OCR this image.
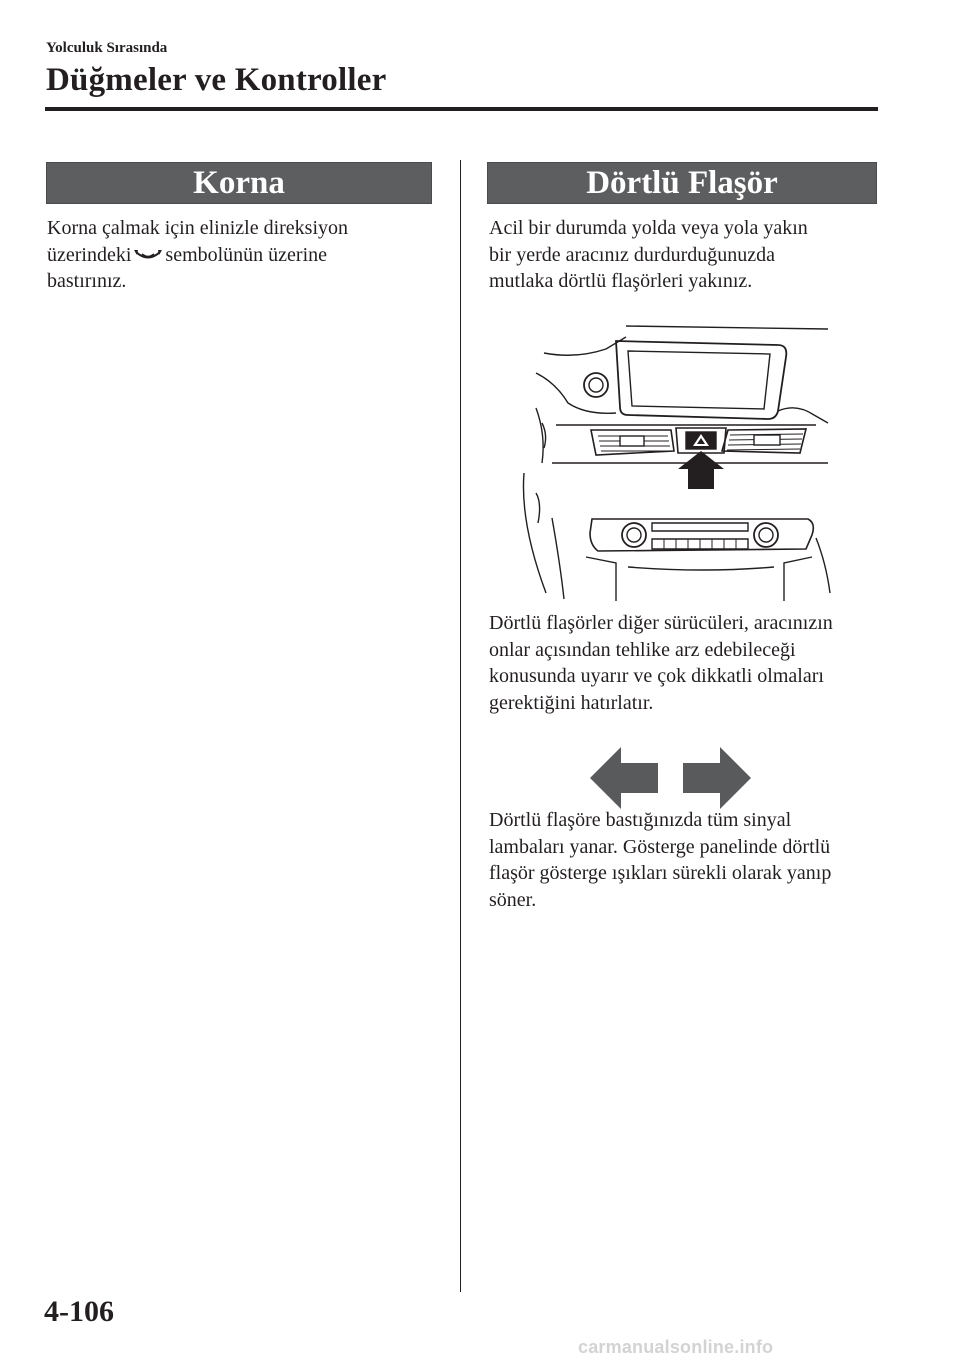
Yolculuk Sırasında
Düğmeler ve Kontroller
Korna
Korna çalmak için elinizle direksiyon
üzerindeki sembolünün üzerine
bastırınız.
Dörtlü Flaşör
Acil bir durumda yolda veya yola yakın
bir yerde aracınız durdurduğunuzda
mutlaka dörtlü flaşörleri yakınız.
Dörtlü flaşörler diğer sürücüleri, aracınızın
onlar açısından tehlike arz edebileceği
konusunda uyarır ve çok dikkatli olmaları
gerektiğini hatırlatır.
Dörtlü flaşöre bastığınızda tüm sinyal
lambaları yanar. Gösterge panelinde dörtlü
flaşör gösterge ışıkları sürekli olarak yanıp
söner.
4-106
carmanualsonline.info
